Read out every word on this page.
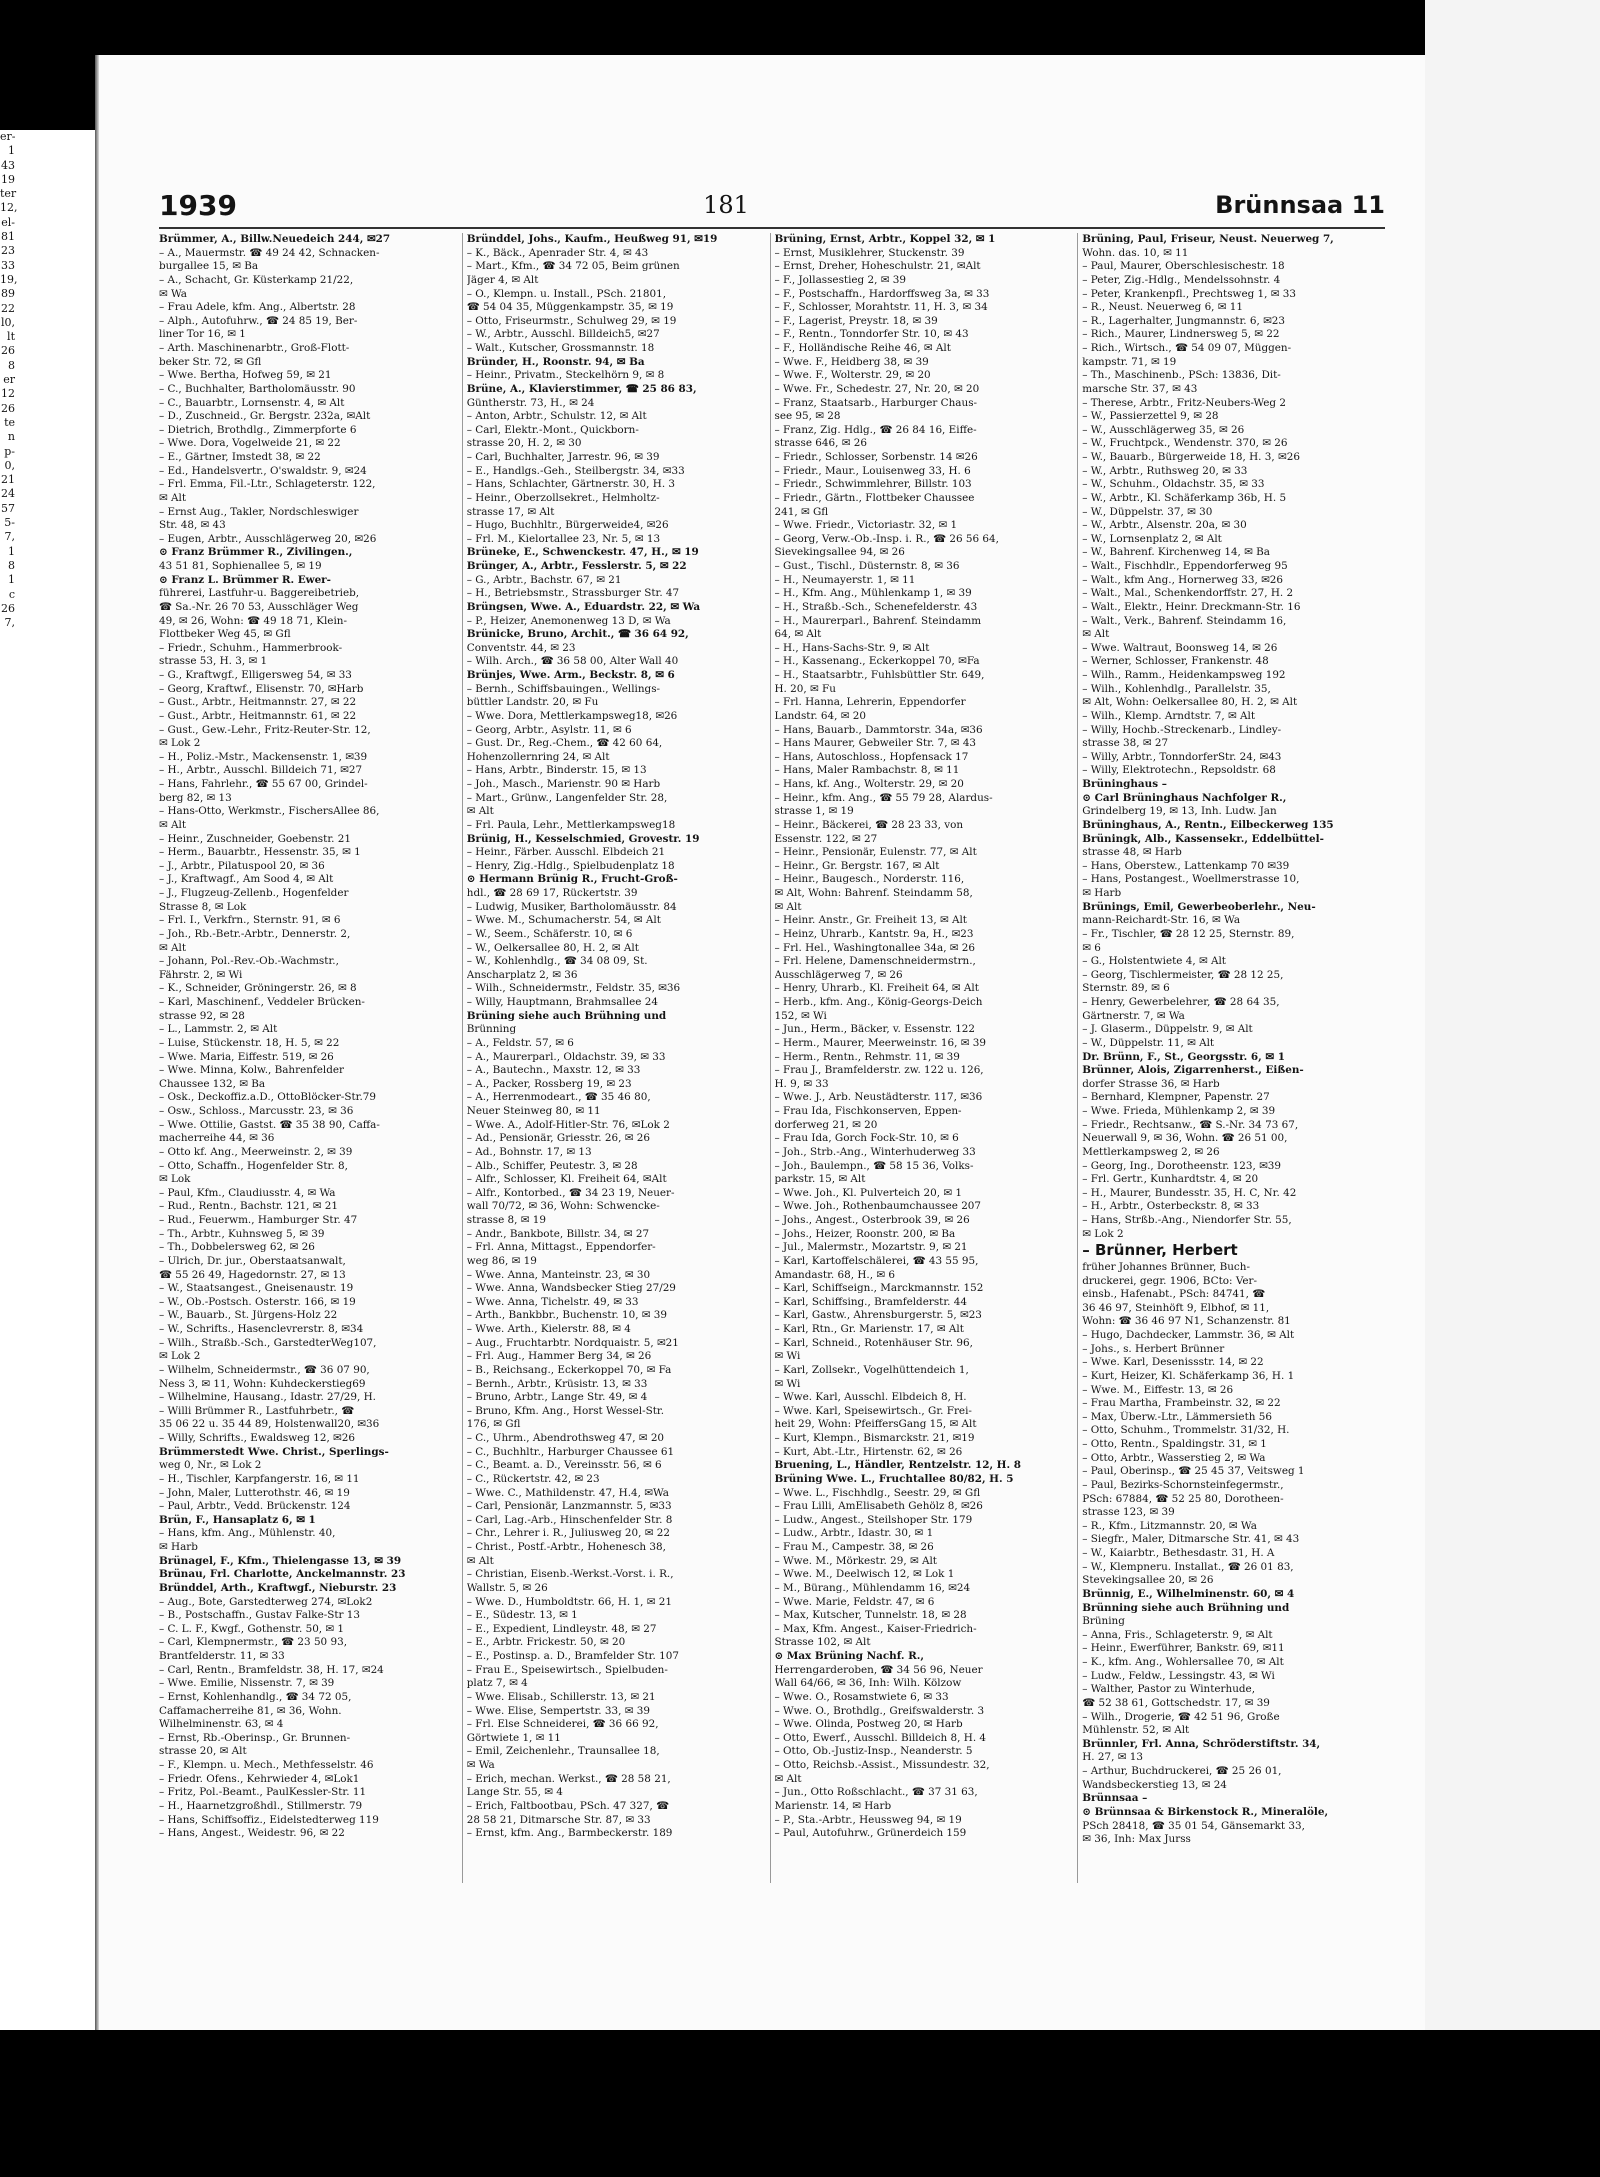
er-
1
43
19
ter
12,
el-
81
23
33
19,
89
22
l0,
lt
26
8
er
12
26
te
n
p-
0,
21
24
57
5-
7,
1
8
1
c
26
7,
1939	181	Brünnsaa 11
Brümmer, A., Billw.Neuedeich 244, ✉27
– A., Mauermstr. ☎ 49 24 42, Schnacken-
burgallee 15, ✉ Ba
– A., Schacht, Gr. Küsterkamp 21/22,
✉ Wa
– Frau Adele, kfm. Ang., Albertstr. 28
– Alph., Autofuhrw., ☎ 24 85 19, Ber-
liner Tor 16, ✉ 1
– Arth. Maschinenarbtr., Groß-Flott-
beker Str. 72, ✉ Gfl
– Wwe. Bertha, Hofweg 59, ✉ 21
– C., Buchhalter, Bartholomäusstr. 90
– C., Bauarbtr., Lornsenstr. 4, ✉ Alt
– D., Zuschneid., Gr. Bergstr. 232a, ✉Alt
– Dietrich, Brothdlg., Zimmerpforte 6
– Wwe. Dora, Vogelweide 21, ✉ 22
– E., Gärtner, Imstedt 38, ✉ 22
– Ed., Handelsvertr., O'swaldstr. 9, ✉24
– Frl. Emma, Fil.-Ltr., Schlageterstr. 122,
✉ Alt
– Ernst Aug., Takler, Nordschleswiger
Str. 48, ✉ 43
– Eugen, Arbtr., Ausschlägerweg 20, ✉26
⊙ Franz Brümmer R., Zivilingen.,
43 51 81, Sophienallee 5, ✉ 19
⊙ Franz L. Brümmer R. Ewer-
führerei, Lastfuhr-u. Baggereibetrieb,
☎ Sa.-Nr. 26 70 53, Ausschläger Weg
49, ✉ 26, Wohn: ☎ 49 18 71, Klein-
Flottbeker Weg 45, ✉ Gfl
– Friedr., Schuhm., Hammerbrook-
strasse 53, H. 3, ✉ 1
– G., Kraftwgf., Elligersweg 54, ✉ 33
– Georg, Kraftwf., Elisenstr. 70, ✉Harb
– Gust., Arbtr., Heitmannstr. 27, ✉ 22
– Gust., Arbtr., Heitmannstr. 61, ✉ 22
– Gust., Gew.-Lehr., Fritz-Reuter-Str. 12,
✉ Lok 2
– H., Poliz.-Mstr., Mackensenstr. 1, ✉39
– H., Arbtr., Ausschl. Billdeich 71, ✉27
– Hans, Fahrlehr., ☎ 55 67 00, Grindel-
berg 82, ✉ 13
– Hans-Otto, Werkmstr., FischersAllee 86,
✉ Alt
– Heinr., Zuschneider, Goebenstr. 21
– Herm., Bauarbtr., Hessenstr. 35, ✉ 1
– J., Arbtr., Pilatuspool 20, ✉ 36
– J., Kraftwagf., Am Sood 4, ✉ Alt
– J., Flugzeug-Zellenb., Hogenfelder
Strasse 8, ✉ Lok
– Frl. I., Verkfrn., Sternstr. 91, ✉ 6
– Joh., Rb.-Betr.-Arbtr., Dennerstr. 2,
✉ Alt
– Johann, Pol.-Rev.-Ob.-Wachmstr.,
Fährstr. 2, ✉ Wi
– K., Schneider, Gröningerstr. 26, ✉ 8
– Karl, Maschinenf., Veddeler Brücken-
strasse 92, ✉ 28
– L., Lammstr. 2, ✉ Alt
– Luise, Stückenstr. 18, H. 5, ✉ 22
– Wwe. Maria, Eiffestr. 519, ✉ 26
– Wwe. Minna, Kolw., Bahrenfelder
Chaussee 132, ✉ Ba
– Osk., Deckoffiz.a.D., OttoBlöcker-Str.79
– Osw., Schloss., Marcusstr. 23, ✉ 36
– Wwe. Ottilie, Gastst. ☎ 35 38 90, Caffa-
macherreihe 44, ✉ 36
– Otto kf. Ang., Meerweinstr. 2, ✉ 39
– Otto, Schaffn., Hogenfelder Str. 8,
✉ Lok
– Paul, Kfm., Claudiusstr. 4, ✉ Wa
– Rud., Rentn., Bachstr. 121, ✉ 21
– Rud., Feuerwm., Hamburger Str. 47
– Th., Arbtr., Kuhnsweg 5, ✉ 39
– Th., Dobbelersweg 62, ✉ 26
– Ulrich, Dr. jur., Oberstaatsanwalt,
☎ 55 26 49, Hagedornstr. 27, ✉ 13
– W., Staatsangest., Gneisenaustr. 19
– W., Ob.-Postsch. Osterstr. 166, ✉ 19
– W., Bauarb., St. Jürgens-Holz 22
– W., Schrifts., Hasenclevrerstr. 8, ✉34
– Wilh., Straßb.-Sch., GarstedterWeg107,
✉ Lok 2
– Wilhelm, Schneidermstr., ☎ 36 07 90,
Ness 3, ✉ 11, Wohn: Kuhdeckerstieg69
– Wilhelmine, Hausang., Idastr. 27/29, H.
– Willi Brümmer R., Lastfuhrbetr., ☎
35 06 22 u. 35 44 89, Holstenwall20, ✉36
– Willy, Schrifts., Ewaldsweg 12, ✉26
Brümmerstedt Wwe. Christ., Sperlings-
weg 0, Nr., ✉ Lok 2
– H., Tischler, Karpfangerstr. 16, ✉ 11
– John, Maler, Lutterothstr. 46, ✉ 19
– Paul, Arbtr., Vedd. Brückenstr. 124
Brün, F., Hansaplatz 6, ✉ 1
– Hans, kfm. Ang., Mühlenstr. 40,
✉ Harb
Brünagel, F., Kfm., Thielengasse 13, ✉ 39
Brünau, Frl. Charlotte, Anckelmannstr. 23
Bründdel, Arth., Kraftwgf., Nieburstr. 23
– Aug., Bote, Garstedterweg 274, ✉Lok2
– B., Postschaffn., Gustav Falke-Str 13
– C. L. F., Kwgf., Gothenstr. 50, ✉ 1
– Carl, Klempnermstr., ☎ 23 50 93,
Brantfelderstr. 11, ✉ 33
– Carl, Rentn., Bramfeldstr. 38, H. 17, ✉24
– Wwe. Emilie, Nissenstr. 7, ✉ 39
– Ernst, Kohlenhandlg., ☎ 34 72 05,
Caffamacherreihe 81, ✉ 36, Wohn.
Wilhelminenstr. 63, ✉ 4
– Ernst, Rb.-Oberinsp., Gr. Brunnen-
strasse 20, ✉ Alt
– F., Klempn. u. Mech., Methfesselstr. 46
– Friedr. Ofens., Kehrwieder 4, ✉Lok1
– Fritz, Pol.-Beamt., PaulKessler-Str. 11
– H., Haarnetzgroßhdl., Stillmerstr. 79
– Hans, Schiffsoffiz., Eidelstedterweg 119
– Hans, Angest., Weidestr. 96, ✉ 22
Bründdel, Johs., Kaufm., Heußweg 91, ✉19
– K., Bäck., Apenrader Str. 4, ✉ 43
– Mart., Kfm., ☎ 34 72 05, Beim grünen
Jäger 4, ✉ Alt
– O., Klempn. u. Install., PSch. 21801,
☎ 54 04 35, Müggenkampstr. 35, ✉ 19
– Otto, Friseurmstr., Schulweg 29, ✉ 19
– W., Arbtr., Ausschl. Billdeich5, ✉27
– Walt., Kutscher, Grossmannstr. 18
Bründer, H., Roonstr. 94, ✉ Ba
– Heinr., Privatm., Steckelhörn 9, ✉ 8
Brüne, A., Klavierstimmer, ☎ 25 86 83,
Güntherstr. 73, H., ✉ 24
– Anton, Arbtr., Schulstr. 12, ✉ Alt
– Carl, Elektr.-Mont., Quickborn-
strasse 20, H. 2, ✉ 30
– Carl, Buchhalter, Jarrestr. 96, ✉ 39
– E., Handlgs.-Geh., Steilbergstr. 34, ✉33
– Hans, Schlachter, Gärtnerstr. 30, H. 3
– Heinr., Oberzollsekret., Helmholtz-
strasse 17, ✉ Alt
– Hugo, Buchhltr., Bürgerweide4, ✉26
– Frl. M., Kielortallee 23, Nr. 5, ✉ 13
Brüneke, E., Schwenckestr. 47, H., ✉ 19
Brünger, A., Arbtr., Fesslerstr. 5, ✉ 22
– G., Arbtr., Bachstr. 67, ✉ 21
– H., Betriebsmstr., Strassburger Str. 47
Brüngsen, Wwe. A., Eduardstr. 22, ✉ Wa
– P., Heizer, Anemonenweg 13 D, ✉ Wa
Brünicke, Bruno, Archit., ☎ 36 64 92,
Conventstr. 44, ✉ 23
– Wilh. Arch., ☎ 36 58 00, Alter Wall 40
Brünjes, Wwe. Arm., Beckstr. 8, ✉ 6
– Bernh., Schiffsbauingen., Wellings-
büttler Landstr. 20, ✉ Fu
– Wwe. Dora, Mettlerkampsweg18, ✉26
– Georg, Arbtr., Asylstr. 11, ✉ 6
– Gust. Dr., Reg.-Chem., ☎ 42 60 64,
Hohenzollernring 24, ✉ Alt
– Hans, Arbtr., Binderstr. 15, ✉ 13
– Joh., Masch., Marienstr. 90 ✉ Harb
– Mart., Grünw., Langenfelder Str. 28,
✉ Alt
– Frl. Paula, Lehr., Mettlerkampsweg18
Brünig, H., Kesselschmied, Grovestr. 19
– Heinr., Färber. Ausschl. Elbdeich 21
– Henry, Zig.-Hdlg., Spielbudenplatz 18
⊙ Hermann Brünig R., Frucht-Groß-
hdl., ☎ 28 69 17, Rückertstr. 39
– Ludwig, Musiker, Bartholomäusstr. 84
– Wwe. M., Schumacherstr. 54, ✉ Alt
– W., Seem., Schäferstr. 10, ✉ 6
– W., Oelkersallee 80, H. 2, ✉ Alt
– W., Kohlenhdlg., ☎ 34 08 09, St.
Anscharplatz 2, ✉ 36
– Wilh., Schneidermstr., Feldstr. 35, ✉36
– Willy, Hauptmann, Brahmsallee 24
Brüning siehe auch Brühning und
Brünning
– A., Feldstr. 57, ✉ 6
– A., Maurerparl., Oldachstr. 39, ✉ 33
– A., Bautechn., Maxstr. 12, ✉ 33
– A., Packer, Rossberg 19, ✉ 23
– A., Herrenmodeart., ☎ 35 46 80,
Neuer Steinweg 80, ✉ 11
– Wwe. A., Adolf-Hitler-Str. 76, ✉Lok 2
– Ad., Pensionär, Griesstr. 26, ✉ 26
– Ad., Bohnstr. 17, ✉ 13
– Alb., Schiffer, Peutestr. 3, ✉ 28
– Alfr., Schlosser, Kl. Freiheit 64, ✉Alt
– Alfr., Kontorbed., ☎ 34 23 19, Neuer-
wall 70/72, ✉ 36, Wohn: Schwencke-
strasse 8, ✉ 19
– Andr., Bankbote, Billstr. 34, ✉ 27
– Frl. Anna, Mittagst., Eppendorfer-
weg 86, ✉ 19
– Wwe. Anna, Manteinstr. 23, ✉ 30
– Wwe. Anna, Wandsbecker Stieg 27/29
– Wwe. Anna, Tichelstr. 49, ✉ 33
– Arth., Bankbbr., Buchenstr. 10, ✉ 39
– Wwe. Arth., Kielerstr. 88, ✉ 4
– Aug., Fruchtarbtr. Nordquaistr. 5, ✉21
– Frl. Aug., Hammer Berg 34, ✉ 26
– B., Reichsang., Eckerkoppel 70, ✉ Fa
– Bernh., Arbtr., Krüsistr. 13, ✉ 33
– Bruno, Arbtr., Lange Str. 49, ✉ 4
– Bruno, Kfm. Ang., Horst Wessel-Str.
176, ✉ Gfl
– C., Uhrm., Abendrothsweg 47, ✉ 20
– C., Buchhltr., Harburger Chaussee 61
– C., Beamt. a. D., Vereinsstr. 56, ✉ 6
– C., Rückertstr. 42, ✉ 23
– Wwe. C., Mathildenstr. 47, H.4, ✉Wa
– Carl, Pensionär, Lanzmannstr. 5, ✉33
– Carl, Lag.-Arb., Hinschenfelder Str. 8
– Chr., Lehrer i. R., Juliusweg 20, ✉ 22
– Christ., Postf.-Arbtr., Hohenesch 38,
✉ Alt
– Christian, Eisenb.-Werkst.-Vorst. i. R.,
Wallstr. 5, ✉ 26
– Wwe. D., Humboldtstr. 66, H. 1, ✉ 21
– E., Südestr. 13, ✉ 1
– E., Expedient, Lindleystr. 48, ✉ 27
– E., Arbtr. Frickestr. 50, ✉ 20
– E., Postinsp. a. D., Bramfelder Str. 107
– Frau E., Speisewirtsch., Spielbuden-
platz 7, ✉ 4
– Wwe. Elisab., Schillerstr. 13, ✉ 21
– Wwe. Elise, Sempertstr. 33, ✉ 39
– Frl. Else Schneiderei, ☎ 36 66 92,
Görtwiete 1, ✉ 11
– Emil, Zeichenlehr., Traunsallee 18,
✉ Wa
– Erich, mechan. Werkst., ☎ 28 58 21,
Lange Str. 55, ✉ 4
– Erich, Faltbootbau, PSch. 47 327, ☎
28 58 21, Ditmarsche Str. 87, ✉ 33
– Ernst, kfm. Ang., Barmbeckerstr. 189
Brüning, Ernst, Arbtr., Koppel 32, ✉ 1
– Ernst, Musiklehrer, Stuckenstr. 39
– Ernst, Dreher, Hoheschulstr. 21, ✉Alt
– F., Jollassestieg 2, ✉ 39
– F., Postschaffn., Hardorffsweg 3a, ✉ 33
– F., Schlosser, Morahtstr. 11, H. 3, ✉ 34
– F., Lagerist, Preystr. 18, ✉ 39
– F., Rentn., Tonndorfer Str. 10, ✉ 43
– F., Holländische Reihe 46, ✉ Alt
– Wwe. F., Heidberg 38, ✉ 39
– Wwe. F., Wolterstr. 29, ✉ 20
– Wwe. Fr., Schedestr. 27, Nr. 20, ✉ 20
– Franz, Staatsarb., Harburger Chaus-
see 95, ✉ 28
– Franz, Zig. Hdlg., ☎ 26 84 16, Eiffe-
strasse 646, ✉ 26
– Friedr., Schlosser, Sorbenstr. 14 ✉26
– Friedr., Maur., Louisenweg 33, H. 6
– Friedr., Schwimmlehrer, Billstr. 103
– Friedr., Gärtn., Flottbeker Chaussee
241, ✉ Gfl
– Wwe. Friedr., Victoriastr. 32, ✉ 1
– Georg, Verw.-Ob.-Insp. i. R., ☎ 26 56 64,
Sievekingsallee 94, ✉ 26
– Gust., Tischl., Düsternstr. 8, ✉ 36
– H., Neumayerstr. 1, ✉ 11
– H., Kfm. Ang., Mühlenkamp 1, ✉ 39
– H., Straßb.-Sch., Schenefelderstr. 43
– H., Maurerparl., Bahrenf. Steindamm
64, ✉ Alt
– H., Hans-Sachs-Str. 9, ✉ Alt
– H., Kassenang., Eckerkoppel 70, ✉Fa
– H., Staatsarbtr., Fuhlsbüttler Str. 649,
H. 20, ✉ Fu
– Frl. Hanna, Lehrerin, Eppendorfer
Landstr. 64, ✉ 20
– Hans, Bauarb., Dammtorstr. 34a, ✉36
– Hans Maurer, Gebweiler Str. 7, ✉ 43
– Hans, Autoschloss., Hopfensack 17
– Hans, Maler Rambachstr. 8, ✉ 11
– Hans, kf. Ang., Wolterstr. 29, ✉ 20
– Heinr., kfm. Ang., ☎ 55 79 28, Alardus-
strasse 1, ✉ 19
– Heinr., Bäckerei, ☎ 28 23 33, von
Essenstr. 122, ✉ 27
– Heinr., Pensionär, Eulenstr. 77, ✉ Alt
– Heinr., Gr. Bergstr. 167, ✉ Alt
– Heinr., Baugesch., Norderstr. 116,
✉ Alt, Wohn: Bahrenf. Steindamm 58,
✉ Alt
– Heinr. Anstr., Gr. Freiheit 13, ✉ Alt
– Heinz, Uhrarb., Kantstr. 9a, H., ✉23
– Frl. Hel., Washingtonallee 34a, ✉ 26
– Frl. Helene, Damenschneidermstrn.,
Ausschlägerweg 7, ✉ 26
– Henry, Uhrarb., Kl. Freiheit 64, ✉ Alt
– Herb., kfm. Ang., König-Georgs-Deich
152, ✉ Wi
– Jun., Herm., Bäcker, v. Essenstr. 122
– Herm., Maurer, Meerweinstr. 16, ✉ 39
– Herm., Rentn., Rehmstr. 11, ✉ 39
– Frau J., Bramfelderstr. zw. 122 u. 126,
H. 9, ✉ 33
– Wwe. J., Arb. Neustädterstr. 117, ✉36
– Frau Ida, Fischkonserven, Eppen-
dorferweg 21, ✉ 20
– Frau Ida, Gorch Fock-Str. 10, ✉ 6
– Joh., Strb.-Ang., Winterhuderweg 33
– Joh., Baulempn., ☎ 58 15 36, Volks-
parkstr. 15, ✉ Alt
– Wwe. Joh., Kl. Pulverteich 20, ✉ 1
– Wwe. Joh., Rothenbaumchaussee 207
– Johs., Angest., Osterbrook 39, ✉ 26
– Johs., Heizer, Roonstr. 200, ✉ Ba
– Jul., Malermstr., Mozartstr. 9, ✉ 21
– Karl, Kartoffelschälerei, ☎ 43 55 95,
Amandastr. 68, H., ✉ 6
– Karl, Schiffseign., Marckmannstr. 152
– Karl, Schiffsing., Bramfelderstr. 44
– Karl, Gastw., Ahrensburgerstr. 5, ✉23
– Karl, Rtn., Gr. Marienstr. 17, ✉ Alt
– Karl, Schneid., Rotenhäuser Str. 96,
✉ Wi
– Karl, Zollsekr., Vogelhüttendeich 1,
✉ Wi
– Wwe. Karl, Ausschl. Elbdeich 8, H.
– Wwe. Karl, Speisewirtsch., Gr. Frei-
heit 29, Wohn: PfeiffersGang 15, ✉ Alt
– Kurt, Klempn., Bismarckstr. 21, ✉19
– Kurt, Abt.-Ltr., Hirtenstr. 62, ✉ 26
Bruening, L., Händler, Rentzelstr. 12, H. 8
Brüning Wwe. L., Fruchtallee 80/82, H. 5
– Wwe. L., Fischhdlg., Seestr. 29, ✉ Gfl
– Frau Lilli, AmElisabeth Gehölz 8, ✉26
– Ludw., Angest., Steilshoper Str. 179
– Ludw., Arbtr., Idastr. 30, ✉ 1
– Frau M., Campestr. 38, ✉ 26
– Wwe. M., Mörkestr. 29, ✉ Alt
– Wwe. M., Deelwisch 12, ✉ Lok 1
– M., Bürang., Mühlendamm 16, ✉24
– Wwe. Marie, Feldstr. 47, ✉ 6
– Max, Kutscher, Tunnelstr. 18, ✉ 28
– Max, Kfm. Angest., Kaiser-Friedrich-
Strasse 102, ✉ Alt
⊙ Max Brüning Nachf. R.,
Herrengarderoben, ☎ 34 56 96, Neuer
Wall 64/66, ✉ 36, Inh: Wilh. Kölzow
– Wwe. O., Rosamstwiete 6, ✉ 33
– Wwe. O., Brothdlg., Greifswalderstr. 3
– Wwe. Olinda, Postweg 20, ✉ Harb
– Otto, Ewerf., Ausschl. Billdeich 8, H. 4
– Otto, Ob.-Justiz-Insp., Neanderstr. 5
– Otto, Reichsb.-Assist., Missundestr. 32,
✉ Alt
– Jun., Otto Roßschlacht., ☎ 37 31 63,
Marienstr. 14, ✉ Harb
– P., Sta.-Arbtr., Heussweg 94, ✉ 19
– Paul, Autofuhrw., Grünerdeich 159
Brüning, Paul, Friseur, Neust. Neuerweg 7,
Wohn. das. 10, ✉ 11
– Paul, Maurer, Oberschlesischestr. 18
– Peter, Zig.-Hdlg., Mendelssohnstr. 4
– Peter, Krankenpfl., Prechtsweg 1, ✉ 33
– R., Neust. Neuerweg 6, ✉ 11
– R., Lagerhalter, Jungmannstr. 6, ✉23
– Rich., Maurer, Lindnersweg 5, ✉ 22
– Rich., Wirtsch., ☎ 54 09 07, Müggen-
kampstr. 71, ✉ 19
– Th., Maschinenb., PSch: 13836, Dit-
marsche Str. 37, ✉ 43
– Therese, Arbtr., Fritz-Neubers-Weg 2
– W., Passierzettel 9, ✉ 28
– W., Ausschlägerweg 35, ✉ 26
– W., Fruchtpck., Wendenstr. 370, ✉ 26
– W., Bauarb., Bürgerweide 18, H. 3, ✉26
– W., Arbtr., Ruthsweg 20, ✉ 33
– W., Schuhm., Oldachstr. 35, ✉ 33
– W., Arbtr., Kl. Schäferkamp 36b, H. 5
– W., Düppelstr. 37, ✉ 30
– W., Arbtr., Alsenstr. 20a, ✉ 30
– W., Lornsenplatz 2, ✉ Alt
– W., Bahrenf. Kirchenweg 14, ✉ Ba
– Walt., Fischhdlr., Eppendorferweg 95
– Walt., kfm Ang., Hornerweg 33, ✉26
– Walt., Mal., Schenkendorffstr. 27, H. 2
– Walt., Elektr., Heinr. Dreckmann-Str. 16
– Walt., Verk., Bahrenf. Steindamm 16,
✉ Alt
– Wwe. Waltraut, Boonsweg 14, ✉ 26
– Werner, Schlosser, Frankenstr. 48
– Wilh., Ramm., Heidenkampsweg 192
– Wilh., Kohlenhdlg., Parallelstr. 35,
✉ Alt, Wohn: Oelkersallee 80, H. 2, ✉ Alt
– Wilh., Klemp. Arndtstr. 7, ✉ Alt
– Willy, Hochb.-Streckenarb., Lindley-
strasse 38, ✉ 27
– Willy, Arbtr., TonndorferStr. 24, ✉43
– Willy, Elektrotechn., Repsoldstr. 68
Brüninghaus –
⊙ Carl Brüninghaus Nachfolger R.,
Grindelberg 19, ✉ 13, Inh. Ludw. Jan
Brüninghaus, A., Rentn., Eilbeckerweg 135
Brüningk, Alb., Kassensekr., Eddelbüttel-
strasse 48, ✉ Harb
– Hans, Oberstew., Lattenkamp 70 ✉39
– Hans, Postangest., Woellmerstrasse 10,
✉ Harb
Brünings, Emil, Gewerbeoberlehr., Neu-
mann-Reichardt-Str. 16, ✉ Wa
– Fr., Tischler, ☎ 28 12 25, Sternstr. 89,
✉ 6
– G., Holstentwiete 4, ✉ Alt
– Georg, Tischlermeister, ☎ 28 12 25,
Sternstr. 89, ✉ 6
– Henry, Gewerbelehrer, ☎ 28 64 35,
Gärtnerstr. 7, ✉ Wa
– J. Glaserm., Düppelstr. 9, ✉ Alt
– W., Düppelstr. 11, ✉ Alt
Dr. Brünn, F., St., Georgsstr. 6, ✉ 1
Brünner, Alois, Zigarrenherst., Eißen-
dorfer Strasse 36, ✉ Harb
– Bernhard, Klempner, Papenstr. 27
– Wwe. Frieda, Mühlenkamp 2, ✉ 39
– Friedr., Rechtsanw., ☎ S.-Nr. 34 73 67,
Neuerwall 9, ✉ 36, Wohn. ☎ 26 51 00,
Mettlerkampsweg 2, ✉ 26
– Georg, Ing., Dorotheenstr. 123, ✉39
– Frl. Gertr., Kunhardtstr. 4, ✉ 20
– H., Maurer, Bundesstr. 35, H. C, Nr. 42
– H., Arbtr., Osterbeckstr. 8, ✉ 33
– Hans, Strßb.-Ang., Niendorfer Str. 55,
✉ Lok 2
– Brünner, Herbert
früher Johannes Brünner, Buch-
druckerei, gegr. 1906, BCto: Ver-
einsb., Hafenabt., PSch: 84741, ☎
36 46 97, Steinhöft 9, Elbhof, ✉ 11,
Wohn: ☎ 36 46 97 N1, Schanzenstr. 81
– Hugo, Dachdecker, Lammstr. 36, ✉ Alt
– Johs., s. Herbert Brünner
– Wwe. Karl, Desenissstr. 14, ✉ 22
– Kurt, Heizer, Kl. Schäferkamp 36, H. 1
– Wwe. M., Eiffestr. 13, ✉ 26
– Frau Martha, Frambeinstr. 32, ✉ 22
– Max, Überw.-Ltr., Lämmersieth 56
– Otto, Schuhm., Trommelstr. 31/32, H.
– Otto, Rentn., Spaldingstr. 31, ✉ 1
– Otto, Arbtr., Wasserstieg 2, ✉ Wa
– Paul, Oberinsp., ☎ 25 45 37, Veitsweg 1
– Paul, Bezirks-Schornsteinfegermstr.,
PSch: 67884, ☎ 52 25 80, Dorotheen-
strasse 123, ✉ 39
– R., Kfm., Litzmannstr. 20, ✉ Wa
– Siegfr., Maler, Ditmarsche Str. 41, ✉ 43
– W., Kaiarbtr., Bethesdastr. 31, H. A
– W., Klempneru. Installat., ☎ 26 01 83,
Stevekingsallee 20, ✉ 26
Brünnig, E., Wilhelminenstr. 60, ✉ 4
Brünning siehe auch Brühning und
Brüning
– Anna, Fris., Schlageterstr. 9, ✉ Alt
– Heinr., Ewerführer, Bankstr. 69, ✉11
– K., kfm. Ang., Wohlersallee 70, ✉ Alt
– Ludw., Feldw., Lessingstr. 43, ✉ Wi
– Walther, Pastor zu Winterhude,
☎ 52 38 61, Gottschedstr. 17, ✉ 39
– Wilh., Drogerie, ☎ 42 51 96, Große
Mühlenstr. 52, ✉ Alt
Brünnler, Frl. Anna, Schröderstiftstr. 34,
H. 27, ✉ 13
– Arthur, Buchdruckerei, ☎ 25 26 01,
Wandsbeckerstieg 13, ✉ 24
Brünnsaa –
⊙ Brünnsaa & Birkenstock R., Mineralöle,
PSch 28418, ☎ 35 01 54, Gänsemarkt 33,
✉ 36, Inh: Max Jurss
